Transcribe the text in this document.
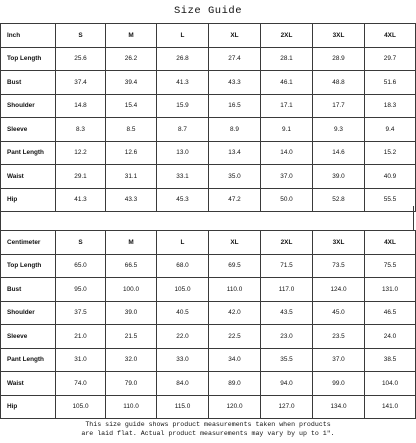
Size Guide
Inch	S	M	L	XL	2XL	3XL	4XL
Top Length	25.6	26.2	26.8	27.4	28.1	28.9	29.7
Bust	37.4	39.4	41.3	43.3	46.1	48.8	51.6
Shoulder	14.8	15.4	15.9	16.5	17.1	17.7	18.3
Sleeve	8.3	8.5	8.7	8.9	9.1	9.3	9.4
Pant Length	12.2	12.6	13.0	13.4	14.0	14.6	15.2
Waist	29.1	31.1	33.1	35.0	37.0	39.0	40.9
Hip	41.3	43.3	45.3	47.2	50.0	52.8	55.5
Centimeter	S	M	L	XL	2XL	3XL	4XL
Top Length	65.0	66.5	68.0	69.5	71.5	73.5	75.5
Bust	95.0	100.0	105.0	110.0	117.0	124.0	131.0
Shoulder	37.5	39.0	40.5	42.0	43.5	45.0	46.5
Sleeve	21.0	21.5	22.0	22.5	23.0	23.5	24.0
Pant Length	31.0	32.0	33.0	34.0	35.5	37.0	38.5
Waist	74.0	79.0	84.0	89.0	94.0	99.0	104.0
Hip	105.0	110.0	115.0	120.0	127.0	134.0	141.0
This size guide shows product measurements taken when products
are laid flat. Actual product measurements may vary by up to 1".
